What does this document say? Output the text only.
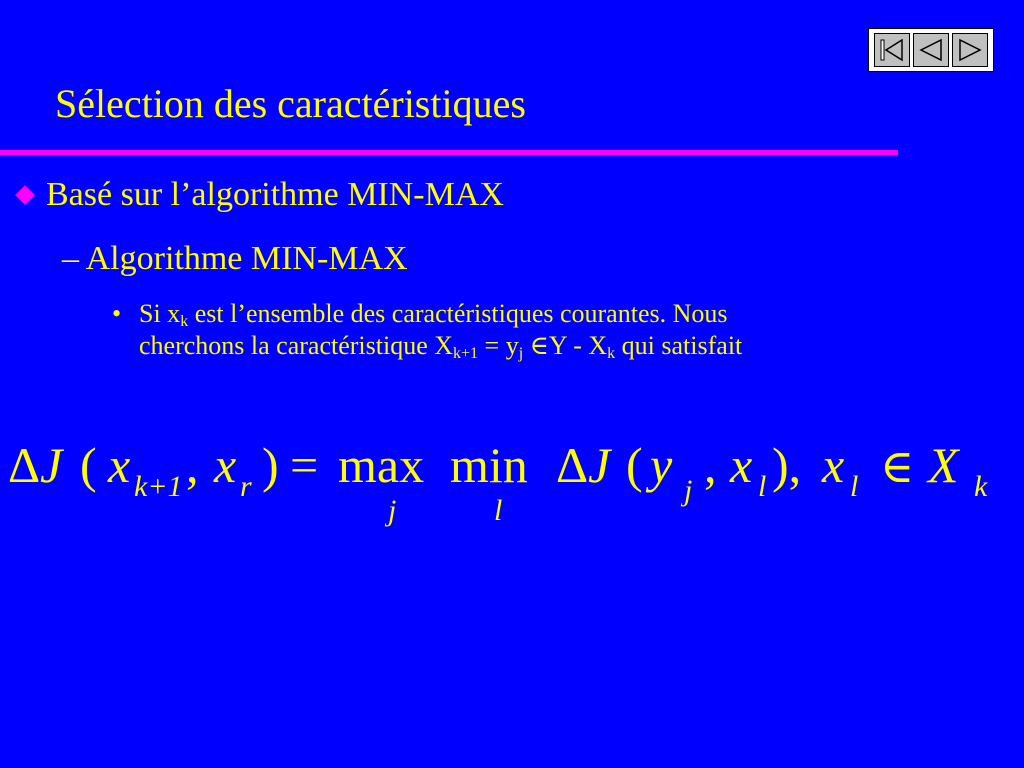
Sélection des caractéristiques
Basé sur l’algorithme MIN-MAX
– Algorithme MIN-MAX
• Si $x_k$ est l’ensemble des caractéristiques courantes. Nous
cherchons la caractéristique $X_{k+1} = y_j$ ∈Y - $X_k$ qui satisfait
Δ J ( x k+1 , x r ) = max
j
min
l
Δ J ( y j , x l ), x l ∈ X k
